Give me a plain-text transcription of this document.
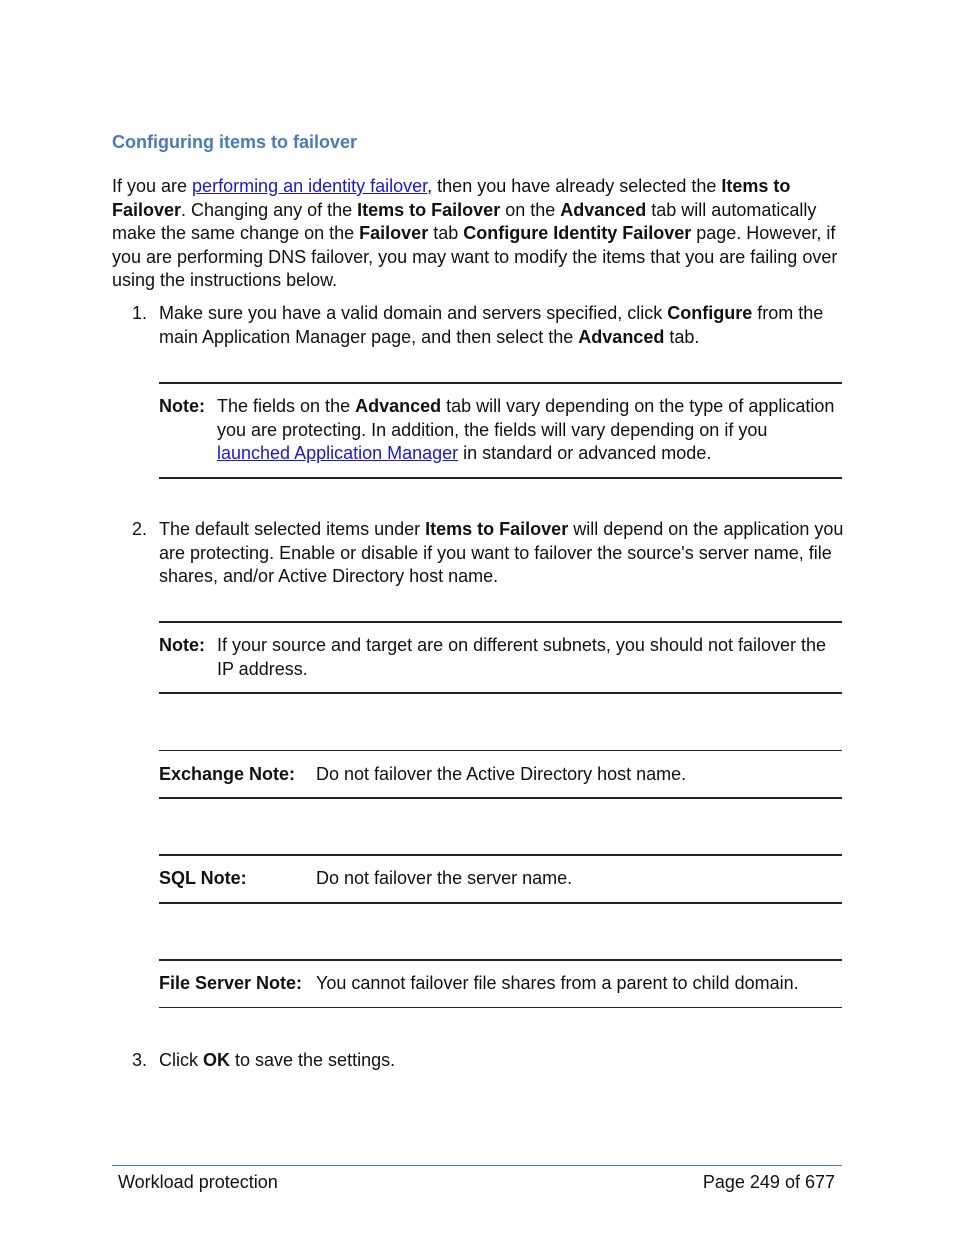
Configuring items to failover
If you are performing an identity failover, then you have already selected the Items to Failover. Changing any of the Items to Failover on the Advanced tab will automatically make the same change on the Failover tab Configure Identity Failover page. However, if you are performing DNS failover, you may want to modify the items that you are failing over using the instructions below.
1. Make sure you have a valid domain and servers specified, click Configure from the main Application Manager page, and then select the Advanced tab.
Note: The fields on the Advanced tab will vary depending on the type of application you are protecting. In addition, the fields will vary depending on if you launched Application Manager in standard or advanced mode.
2. The default selected items under Items to Failover will depend on the application you are protecting. Enable or disable if you want to failover the source's server name, file shares, and/or Active Directory host name.
Note: If your source and target are on different subnets, you should not failover the IP address.
Exchange Note:	Do not failover the Active Directory host name.
SQL Note:	Do not failover the server name.
File Server Note: You cannot failover file shares from a parent to child domain.
3. Click OK to save the settings.
Workload protection	Page 249 of 677
